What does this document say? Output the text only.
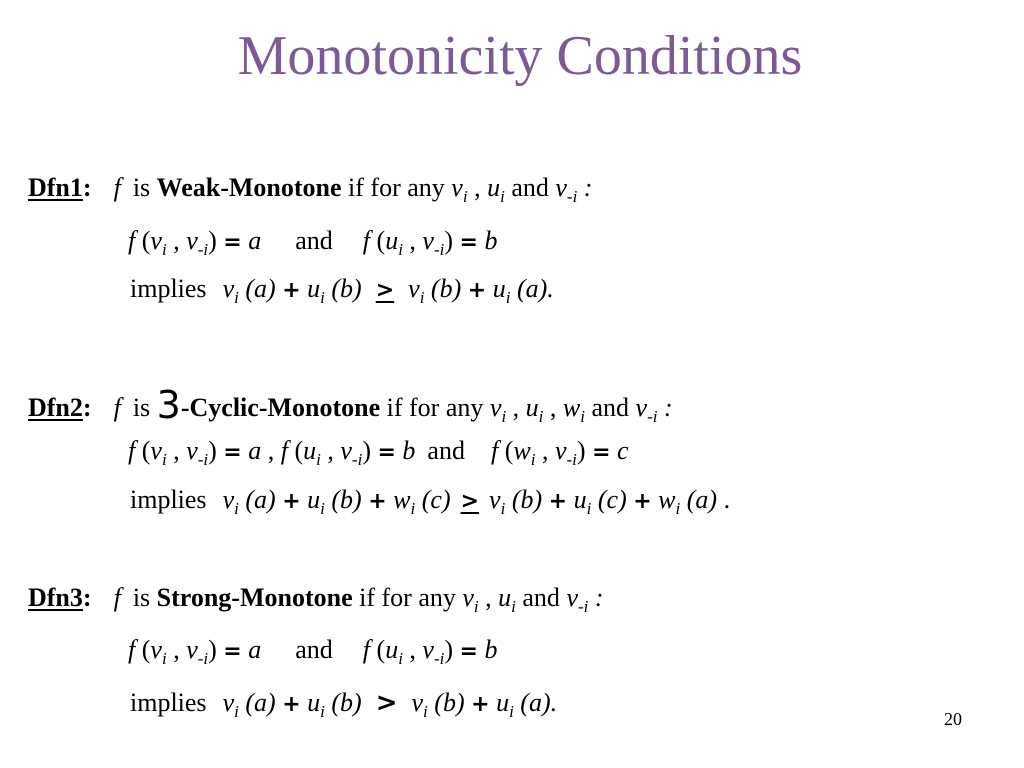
Monotonicity Conditions
Dfn1: f is Weak-Monotone if for any $v_i$ , $u_i$ and $v_{-i}$ :
f ($v_i$ , $v_{-i}) = a$ and f ($u_i$ , $v_{-i}) = b$
implies $v_i$ $(a) + u_i$ $(b) \ge v_i$ $(b) + u_i$ (a).
Dfn2: f is 3-Cyclic-Monotone if for any $v_i$ , $u_i$ , $w_i$ and $v_{-i}$ :
f ($v_i$ , $v_{-i}) = a$ , f ($u_i$ , $v_{-i}) = b$ and f ($w_i$ , $v_{-i}) = c$
implies $v_i$ $(a) + u_i$ $(b) + w_i$ $(c) \ge v_i$ $(b) + u_i$ $(c) + w_i$ (a) .
Dfn3: f is Strong-Monotone if for any $v_i$ , $u_i$ and $v_{-i}$ :
f ($v_i$ , $v_{-i}) = a$ and f ($u_i$ , $v_{-i}) = b$
implies $v_i$ $(a) + u_i$ $(b) > v_i$ $(b) + u_i$ (a).
20
